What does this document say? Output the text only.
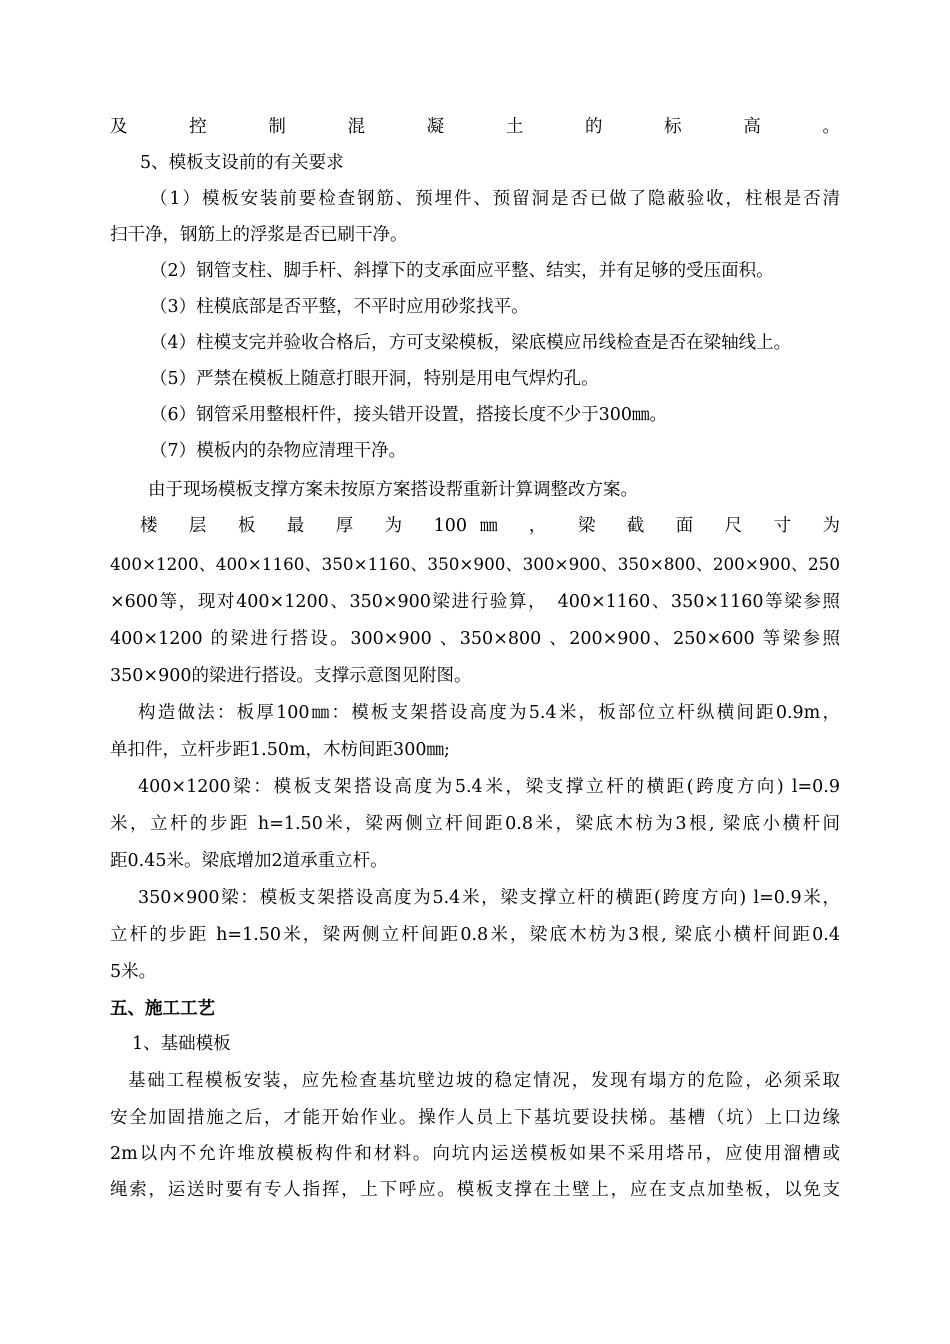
及控制混凝土的标高。
5、模板支设前的有关要求
（1）模板安装前要检查钢筋、预埋件、预留洞是否已做了隐蔽验收，柱根是否清
扫干净，钢筋上的浮浆是否已刷干净。
（2）钢管支柱、脚手杆、斜撑下的支承面应平整、结实，并有足够的受压面积。
（3）柱模底部是否平整，不平时应用砂浆找平。
（4）柱模支完并验收合格后，方可支梁模板，梁底模应吊线检查是否在梁轴线上。
（5）严禁在模板上随意打眼开洞，特别是用电气焊灼孔。
（6）钢管采用整根杆件，接头错开设置，搭接长度不少于300㎜。
（7）模板内的杂物应清理干净。
由于现场模板支撑方案未按原方案搭设帮重新计算调整改方案。
楼 层 板 最 厚 为 100㎜ ， 梁 截 面 尺 寸 为
400×1200、400×1160、350×1160、350×900、300×900、350×800、200×900、250
×600等，现对400×1200、350×900梁进行验算，　400×1160、350×1160等梁参照
400×1200 的梁进行搭设。300×900 、350×800 、200×900、250×600 等梁参照
350×900的梁进行搭设。支撑示意图见附图。
构造做法：板厚100㎜：模板支架搭设高度为5.4米，板部位立杆纵横间距0.9m，
单扣件，立杆步距1.50m，木枋间距300㎜;
400×1200梁：模板支架搭设高度为5.4米，梁支撑立杆的横距(跨度方向) l=0.9
米，立杆的步距 h=1.50米，梁两侧立杆间距0.8米，梁底木枋为3根, 梁底小横杆间
距0.45米。梁底增加2道承重立杆。
350×900梁：模板支架搭设高度为5.4米，梁支撑立杆的横距(跨度方向) l=0.9米，
立杆的步距 h=1.50米，梁两侧立杆间距0.8米，梁底木枋为3根, 梁底小横杆间距0.4
5米。
五、施工工艺
1、基础模板
基础工程模板安装，应先检查基坑壁边坡的稳定情况，发现有塌方的危险，必须采取
安全加固措施之后，才能开始作业。操作人员上下基坑要设扶梯。基槽（坑）上口边缘
2m以内不允许堆放模板构件和材料。向坑内运送模板如果不采用塔吊，应使用溜槽或
绳索，运送时要有专人指挥，上下呼应。模板支撑在土壁上，应在支点加垫板，以免支
